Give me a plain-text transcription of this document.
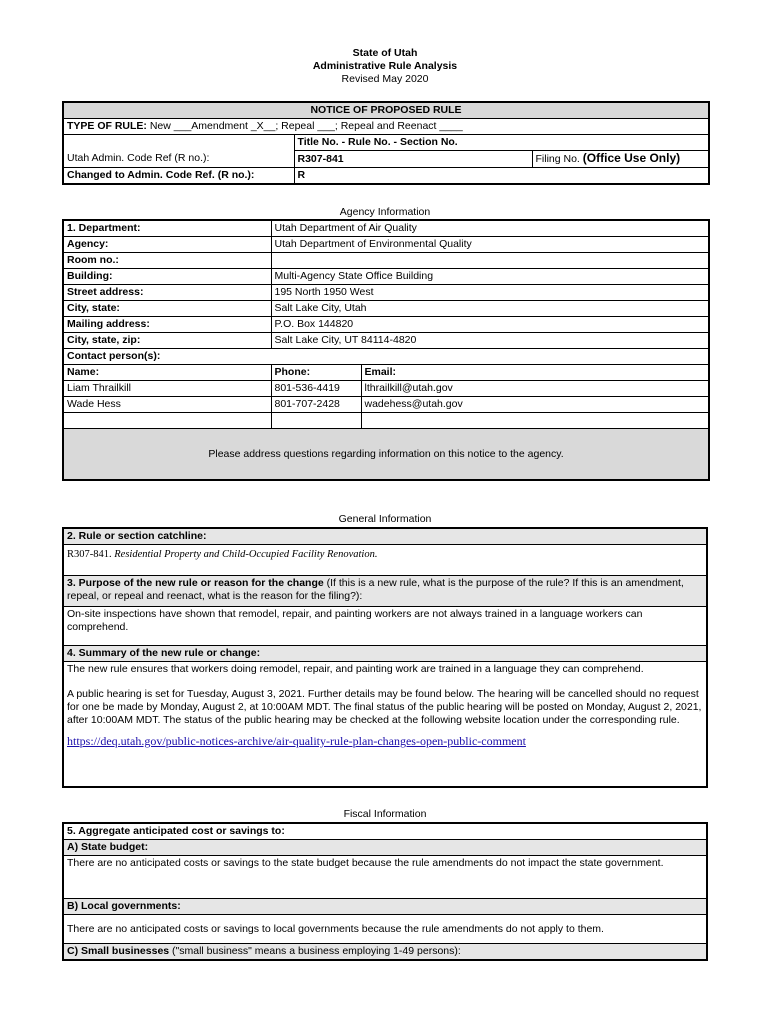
State of Utah
Administrative Rule Analysis
Revised May 2020
NOTICE OF PROPOSED RULE		
TYPE OF RULE: New ___Amendment _X__; Repeal ___; Repeal and Reenact ____		
	Title No. - Rule No. - Section No.	
Utah Admin. Code Ref (R no.):	R307-841	Filing No. (Office Use Only)
Changed to Admin. Code Ref. (R no.):	R	
Agency Information
1. Department:	Utah Department of Air Quality	
Agency:	Utah Department of Environmental Quality	
Room no.:		
Building:	Multi-Agency State Office Building	
Street address:	195 North 1950 West	
City, state:	Salt Lake City, Utah	
Mailing address:	P.O. Box 144820	
City, state, zip:	Salt Lake City, UT 84114-4820	
Contact person(s):		
Name:	Phone:	Email:
Liam Thrailkill	801-536-4419	lthrailkill@utah.gov
Wade Hess	801-707-2428	wadehess@utah.gov

Please address questions regarding information on this notice to the agency.		
General Information
2. Rule or section catchline:
R307-841. Residential Property and Child-Occupied Facility Renovation.
3. Purpose of the new rule or reason for the change (If this is a new rule, what is the purpose of the rule? If this is an amendment, repeal, or repeal and reenact, what is the reason for the filing?):
On-site inspections have shown that remodel, repair, and painting workers are not always trained in a language workers can comprehend.
4. Summary of the new rule or change:
The new rule ensures that workers doing remodel, repair, and painting work are trained in a language they can comprehend.
A public hearing is set for Tuesday, August 3, 2021. Further details may be found below. The hearing will be cancelled should no request for one be made by Monday, August 2, at 10:00AM MDT. The final status of the public hearing will be posted on Monday, August 2, 2021, after 10:00AM MDT. The status of the public hearing may be checked at the following website location under the corresponding rule.
https://deq.utah.gov/public-notices-archive/air-quality-rule-plan-changes-open-public-comment
Fiscal Information
5. Aggregate anticipated cost or savings to:
A) State budget:
There are no anticipated costs or savings to the state budget because the rule amendments do not impact the state government.
B) Local governments:
There are no anticipated costs or savings to local governments because the rule amendments do not apply to them.
C) Small businesses ("small business" means a business employing 1-49 persons):
